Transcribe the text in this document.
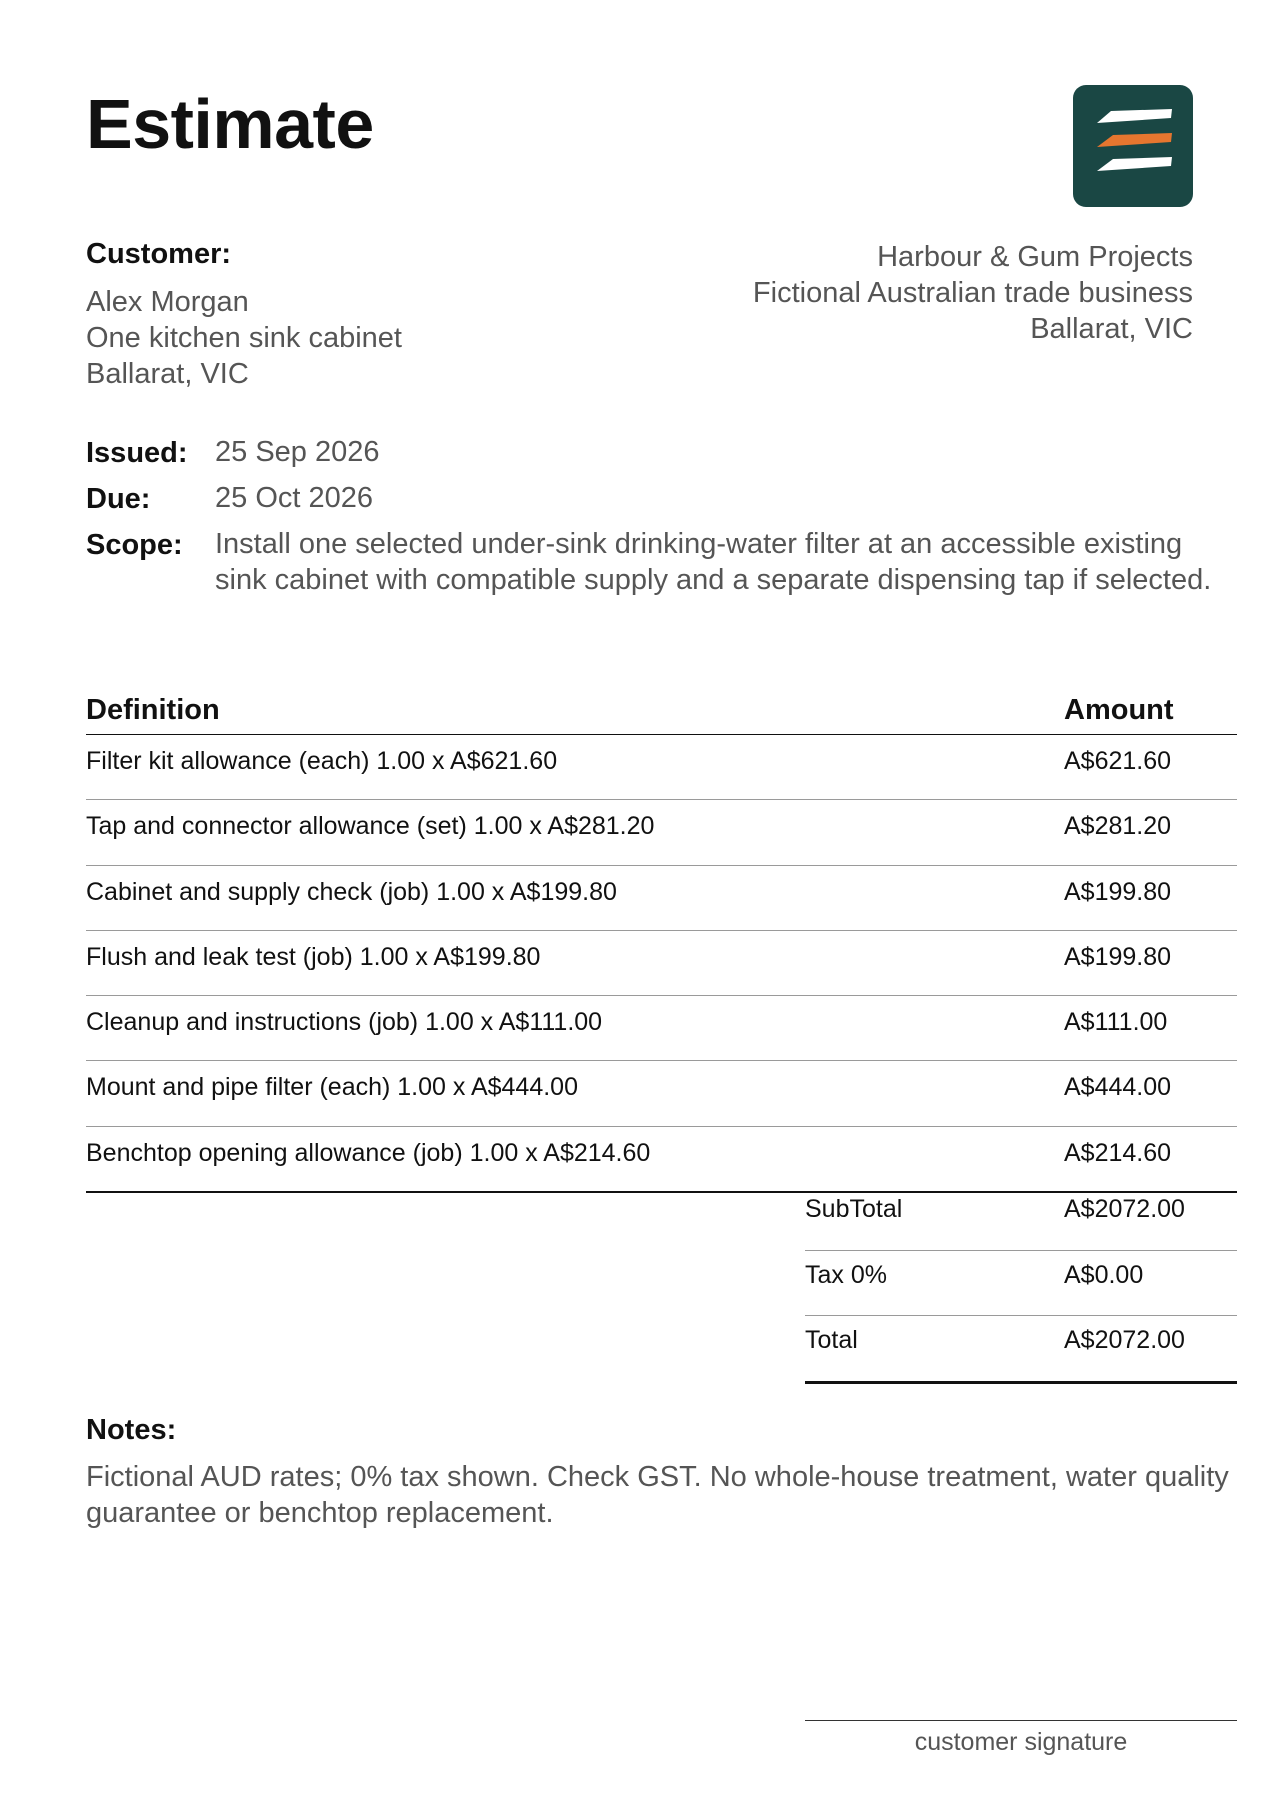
Estimate
Customer:
Alex Morgan
One kitchen sink cabinet
Ballarat, VIC
Harbour & Gum Projects
Fictional Australian trade business
Ballarat, VIC
Issued: 25 Sep 2026
Due: 25 Oct 2026
Scope: Install one selected under-sink drinking-water filter at an accessible existing sink cabinet with compatible supply and a separate dispensing tap if selected.
Definition	Amount
Filter kit allowance (each) 1.00 x A$621.60	A$621.60
Tap and connector allowance (set) 1.00 x A$281.20	A$281.20
Cabinet and supply check (job) 1.00 x A$199.80	A$199.80
Flush and leak test (job) 1.00 x A$199.80	A$199.80
Cleanup and instructions (job) 1.00 x A$111.00	A$111.00
Mount and pipe filter (each) 1.00 x A$444.00	A$444.00
Benchtop opening allowance (job) 1.00 x A$214.60	A$214.60
SubTotal	A$2072.00
Tax 0%	A$0.00
Total	A$2072.00
Notes:
Fictional AUD rates; 0% tax shown. Check GST. No whole-house treatment, water quality guarantee or benchtop replacement.
customer signature
